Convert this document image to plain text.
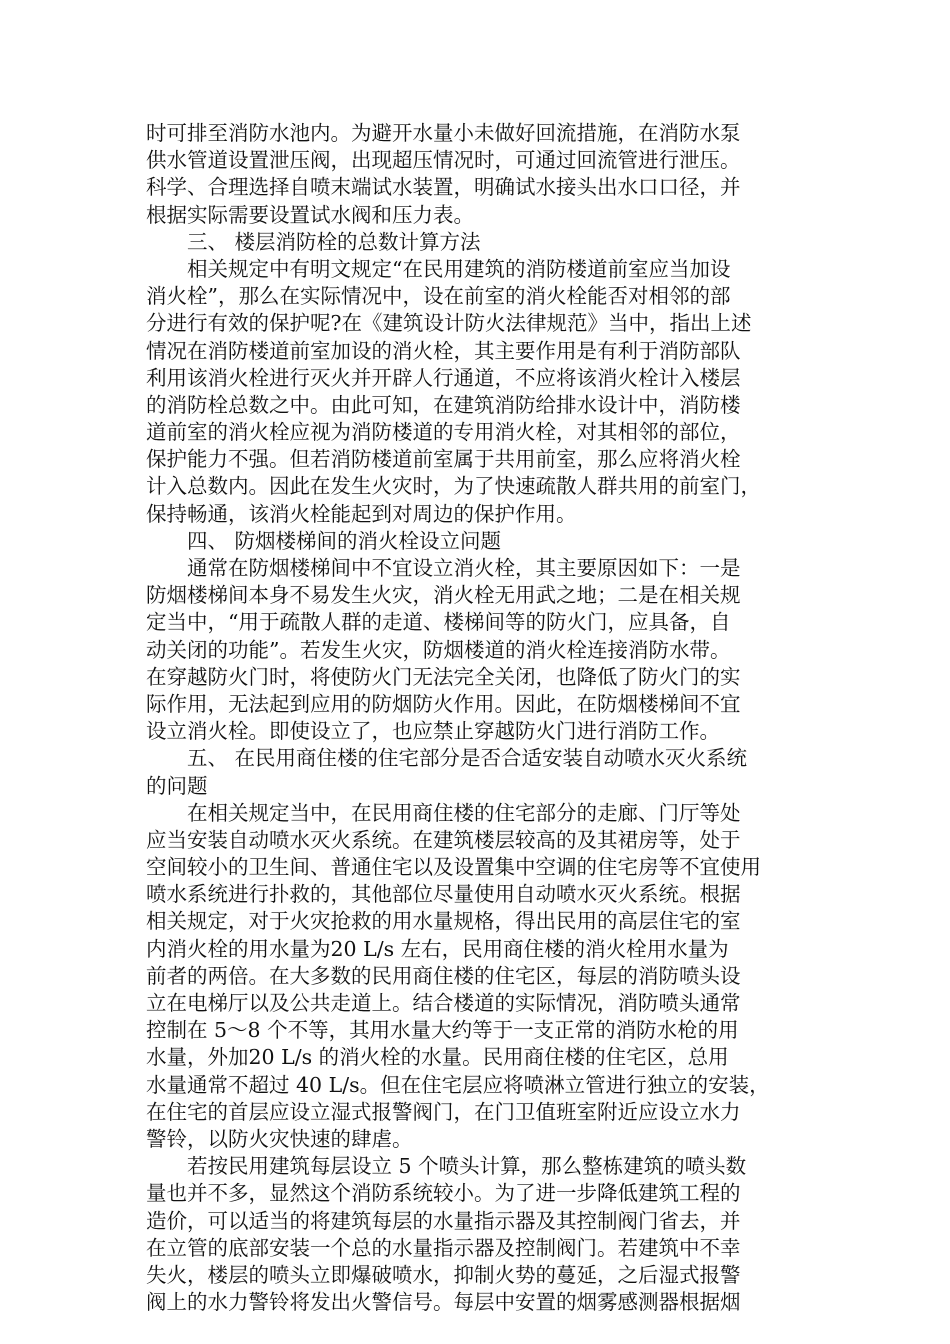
时可排至消防水池内。为避开水量小未做好回流措施，在消防水泵
供水管道设置泄压阀，出现超压情况时，可通过回流管进行泄压。
科学、合理选择自喷末端试水装置，明确试水接头出水口口径，并
根据实际需要设置试水阀和压力表。
三、 楼层消防栓的总数计算方法
相关规定中有明文规定“在民用建筑的消防楼道前室应当加设
消火栓”，那么在实际情况中，设在前室的消火栓能否对相邻的部
分进行有效的保护呢?在《建筑设计防火法律规范》当中，指出上述
情况在消防楼道前室加设的消火栓，其主要作用是有利于消防部队
利用该消火栓进行灭火并开辟人行通道，不应将该消火栓计入楼层
的消防栓总数之中。由此可知，在建筑消防给排水设计中，消防楼
道前室的消火栓应视为消防楼道的专用消火栓，对其相邻的部位，
保护能力不强。但若消防楼道前室属于共用前室，那么应将消火栓
计入总数内。因此在发生火灾时，为了快速疏散人群共用的前室门，
保持畅通，该消火栓能起到对周边的保护作用。
四、 防烟楼梯间的消火栓设立问题
通常在防烟楼梯间中不宜设立消火栓，其主要原因如下：一是
防烟楼梯间本身不易发生火灾，消火栓无用武之地；二是在相关规
定当中，“用于疏散人群的走道、楼梯间等的防火门，应具备，自
动关闭的功能”。若发生火灾，防烟楼道的消火栓连接消防水带。
在穿越防火门时，将使防火门无法完全关闭，也降低了防火门的实
际作用，无法起到应用的防烟防火作用。因此，在防烟楼梯间不宜
设立消火栓。即使设立了，也应禁止穿越防火门进行消防工作。
五、 在民用商住楼的住宅部分是否合适安装自动喷水灭火系统
的问题
在相关规定当中，在民用商住楼的住宅部分的走廊、门厅等处
应当安装自动喷水灭火系统。在建筑楼层较高的及其裙房等，处于
空间较小的卫生间、普通住宅以及设置集中空调的住宅房等不宜使用
喷水系统进行扑救的，其他部位尽量使用自动喷水灭火系统。根据
相关规定，对于火灾抢救的用水量规格，得出民用的高层住宅的室
内消火栓的用水量为20 L/s 左右，民用商住楼的消火栓用水量为
前者的两倍。在大多数的民用商住楼的住宅区，每层的消防喷头设
立在电梯厅以及公共走道上。结合楼道的实际情况，消防喷头通常
控制在 5～8 个不等，其用水量大约等于一支正常的消防水枪的用
水量，外加20 L/s 的消火栓的水量。民用商住楼的住宅区，总用
水量通常不超过 40 L/s。但在住宅层应将喷淋立管进行独立的安装，
在住宅的首层应设立湿式报警阀门，在门卫值班室附近应设立水力
警铃，以防火灾快速的肆虐。
若按民用建筑每层设立 5 个喷头计算，那么整栋建筑的喷头数
量也并不多，显然这个消防系统较小。为了进一步降低建筑工程的
造价，可以适当的将建筑每层的水量指示器及其控制阀门省去，并
在立管的底部安装一个总的水量指示器及控制阀门。若建筑中不幸
失火，楼层的喷头立即爆破喷水，抑制火势的蔓延，之后湿式报警
阀上的水力警铃将发出火警信号。每层中安置的烟雾感测器根据烟
